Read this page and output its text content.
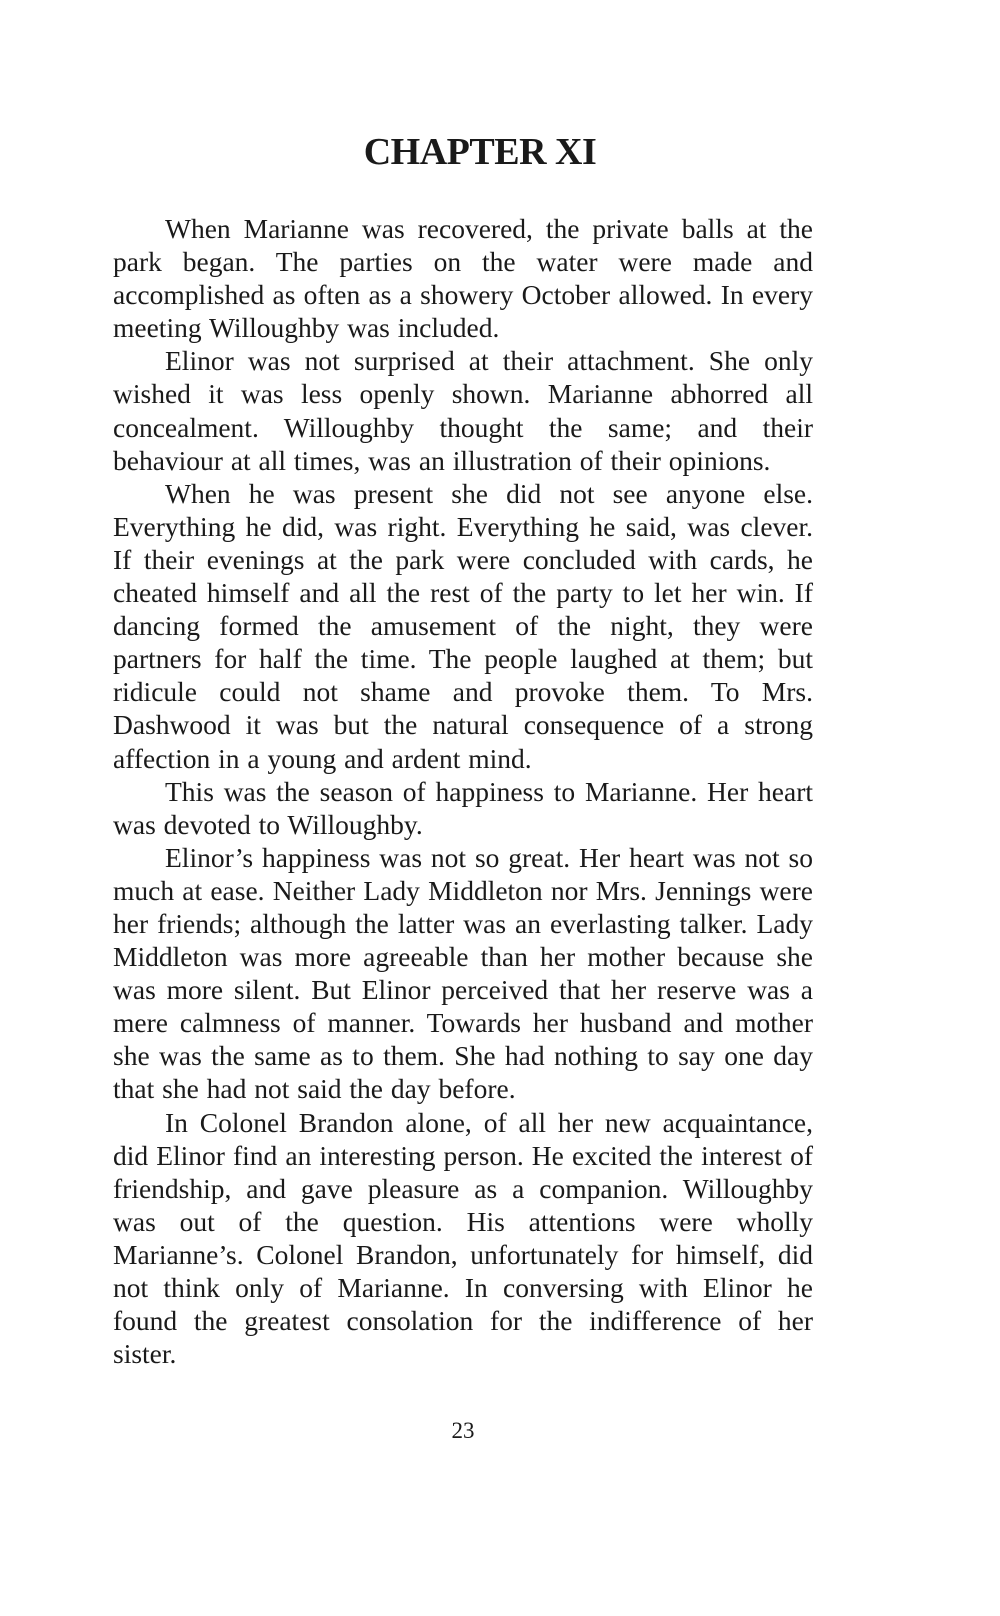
CHAPTER XI

When Marianne was recovered, the private balls at the park began. The parties on the water were made and accomplished as often as a showery October allowed. In every meeting Willoughby was included.

Elinor was not surprised at their attachment. She only wished it was less openly shown. Marianne abhorred all concealment. Willoughby thought the same; and their behaviour at all times, was an illustration of their opinions.

When he was present she did not see anyone else. Everything he did, was right. Everything he said, was clever. If their evenings at the park were concluded with cards, he cheated himself and all the rest of the party to let her win. If dancing formed the amusement of the night, they were partners for half the time. The people laughed at them; but ridicule could not shame and provoke them. To Mrs. Dashwood it was but the natural consequence of a strong affection in a young and ardent mind.

This was the season of happiness to Marianne. Her heart was devoted to Willoughby.

Elinor’s happiness was not so great. Her heart was not so much at ease. Neither Lady Middleton nor Mrs. Jennings were her friends; although the latter was an everlasting talker. Lady Middleton was more agreeable than her mother because she was more silent. But Elinor perceived that her reserve was a mere calmness of manner. Towards her husband and mother she was the same as to them. She had nothing to say one day that she had not said the day before.

In Colonel Brandon alone, of all her new acquaintance, did Elinor find an interesting person. He excited the interest of friendship, and gave pleasure as a companion. Willoughby was out of the question. His attentions were wholly Marianne’s. Colonel Brandon, unfortunately for himself, did not think only of Marianne. In conversing with Elinor he found the greatest consolation for the indifference of her sister.

23
